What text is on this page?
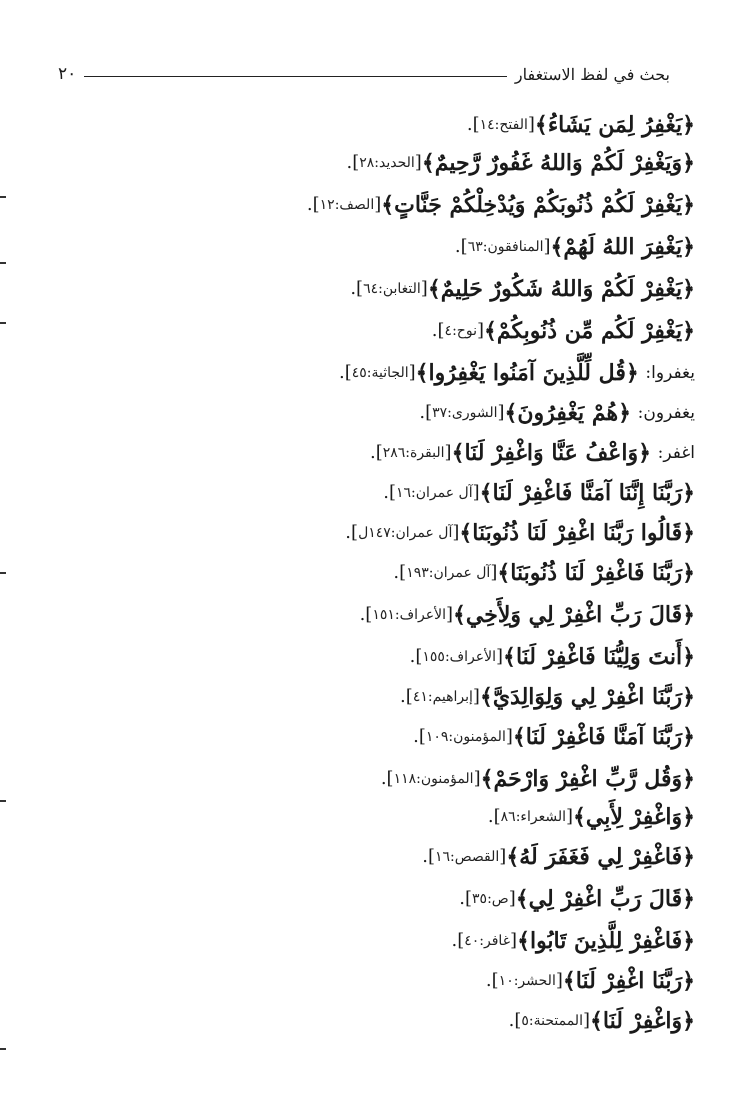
٢٠	بحث في لفظ الاستغفار
﴿
يَغْفِرُ لِمَن يَشَاءُ
﴾
[
الفتح:١٤
]
.
﴿
وَيَغْفِرْ لَكُمْ وَاللهُ غَفُورٌ رَّحِيمٌ
﴾
[
الحديد:٢٨
]
.
﴿
يَغْفِرْ لَكُمْ ذُنُوبَكُمْ وَيُدْخِلْكُمْ جَنَّاتٍ
﴾
[
الصف:١٢
]
.
﴿
يَغْفِرَ اللهُ لَهُمْ
﴾
[
المنافقون:٦٣
]
.
﴿
يَغْفِرْ لَكُمْ وَاللهُ شَكُورٌ حَلِيمٌ
﴾
[
التغابن:٦٤
]
.
﴿
يَغْفِرْ لَكُم مِّن ذُنُوبِكُمْ
﴾
[
نوح:٤
]
.
يغفروا:

﴿
قُل لِّلَّذِينَ آمَنُوا يَغْفِرُوا
﴾
[
الجاثية:٤٥
]
.
يغفرون:

﴿
هُمْ يَغْفِرُونَ
﴾
[
الشورى:٣٧
]
.
اغفر:

﴿
وَاعْفُ عَنَّا وَاغْفِرْ لَنَا
﴾
[
البقرة:٢٨٦
]
.
﴿
رَبَّنَا إِنَّنَا آمَنَّا فَاغْفِرْ لَنَا
﴾
[
آل عمران:١٦
]
.
﴿
قَالُوا رَبَّنَا اغْفِرْ لَنَا ذُنُوبَنَا
﴾
[
آل عمران:١٤٧ل
]
.
﴿
رَبَّنَا فَاغْفِرْ لَنَا ذُنُوبَنَا
﴾
[
آل عمران:١٩٣
]
.
﴿
قَالَ رَبِّ اغْفِرْ لِي وَلِأَخِي
﴾
[
الأعراف:١٥١
]
.
﴿
أَنتَ وَلِيُّنَا فَاغْفِرْ لَنَا
﴾
[
الأعراف:١٥٥
]
.
﴿
رَبَّنَا اغْفِرْ لِي وَلِوَالِدَيَّ
﴾
[
إبراهيم:٤١
]
.
﴿
رَبَّنَا آمَنَّا فَاغْفِرْ لَنَا
﴾
[
المؤمنون:١٠٩
]
.
﴿
وَقُل رَّبِّ اغْفِرْ وَارْحَمْ
﴾
[
المؤمنون:١١٨
]
.
﴿
وَاغْفِرْ لِأَبِي
﴾
[
الشعراء:٨٦
]
.
﴿
فَاغْفِرْ لِي فَغَفَرَ لَهُ
﴾
[
القصص:١٦
]
.
﴿
قَالَ رَبِّ اغْفِرْ لِي
﴾
[
ص:٣٥
]
.
﴿
فَاغْفِرْ لِلَّذِينَ تَابُوا
﴾
[
غافر:٤٠
]
.
﴿
رَبَّنَا اغْفِرْ لَنَا
﴾
[
الحشر:١٠
]
.
﴿
وَاغْفِرْ لَنَا
﴾
[
الممتحنة:٥
]
.
